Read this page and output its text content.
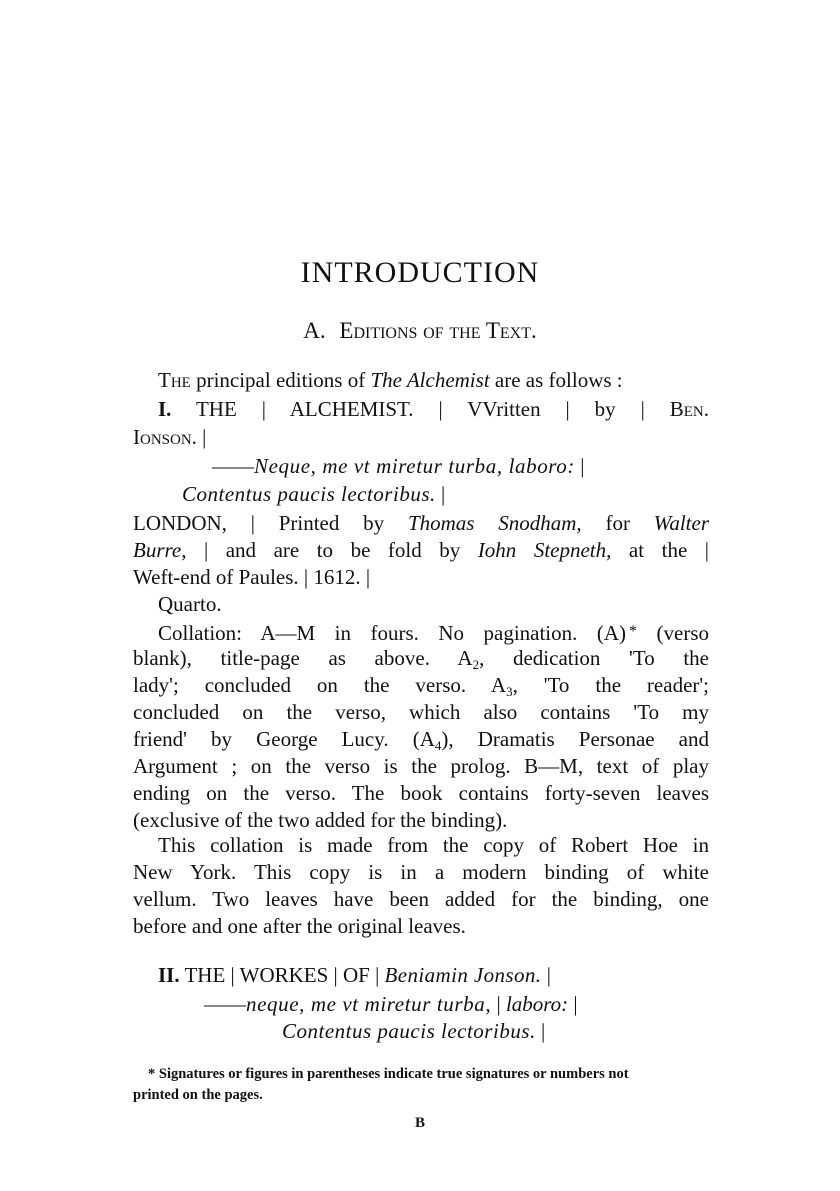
INTRODUCTION
A. Editions of the Text.
The principal editions of The Alchemist are as follows :
I. THE | ALCHEMIST. | VVritten | by | Ben.
Ionson. |
——Neque, me vt miretur turba, laboro: |
Contentus paucis lectoribus. |
LONDON, | Printed by Thomas Snodham, for Walter
Burre, | and are to be fold by Iohn Stepneth, at the |
Weft-end of Paules. | 1612. |
Quarto.
Collation: A—M in fours. No pagination. (A) * (verso
blank), title-page as above. $A_2$, dedication 'To the
lady'; concluded on the verso. $A_3$, 'To the reader';
concluded on the verso, which also contains 'To my
friend' by George Lucy. $(A_4)$, Dramatis Personae and
Argument ; on the verso is the prolog. B—M, text of play
ending on the verso. The book contains forty-seven leaves
(exclusive of the two added for the binding).
This collation is made from the copy of Robert Hoe in
New York. This copy is in a modern binding of white
vellum. Two leaves have been added for the binding, one
before and one after the original leaves.
II. THE | WORKES | OF | Beniamin Jonson. |
——neque, me vt miretur turba, | laboro: |
Contentus paucis lectoribus. |
* Signatures or figures in parentheses indicate true signatures or numbers not
printed on the pages.
B
